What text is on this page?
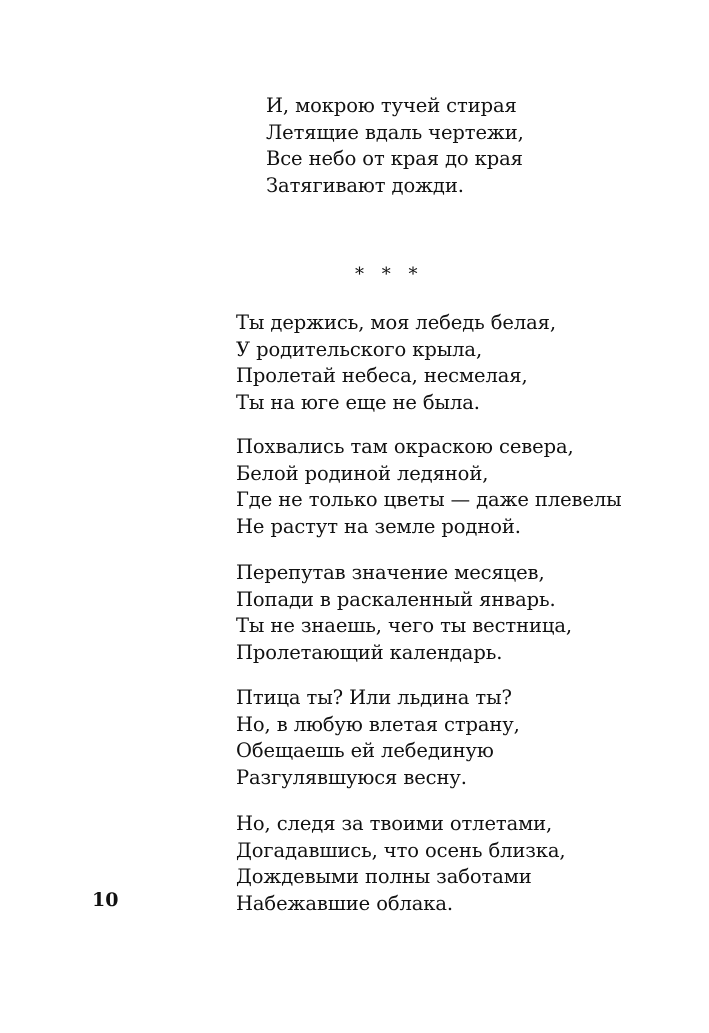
И, мокрою тучей стирая
Летящие вдаль чертежи,
Все небо от края до края
Затягивают дожди.
* * *
Ты держись, моя лебедь белая,
У родительского крыла,
Пролетай небеса, несмелая,
Ты на юге еще не была.
Похвались там окраскою севера,
Белой родиной ледяной,
Где не только цветы — даже плевелы
Не растут на земле родной.
Перепутав значение месяцев,
Попади в раскаленный январь.
Ты не знаешь, чего ты вестница,
Пролетающий календарь.
Птица ты? Или льдина ты?
Но, в любую влетая страну,
Обещаешь ей лебединую
Разгулявшуюся весну.
Но, следя за твоими отлетами,
Догадавшись, что осень близка,
Дождевыми полны заботами
Набежавшие облака.
10
